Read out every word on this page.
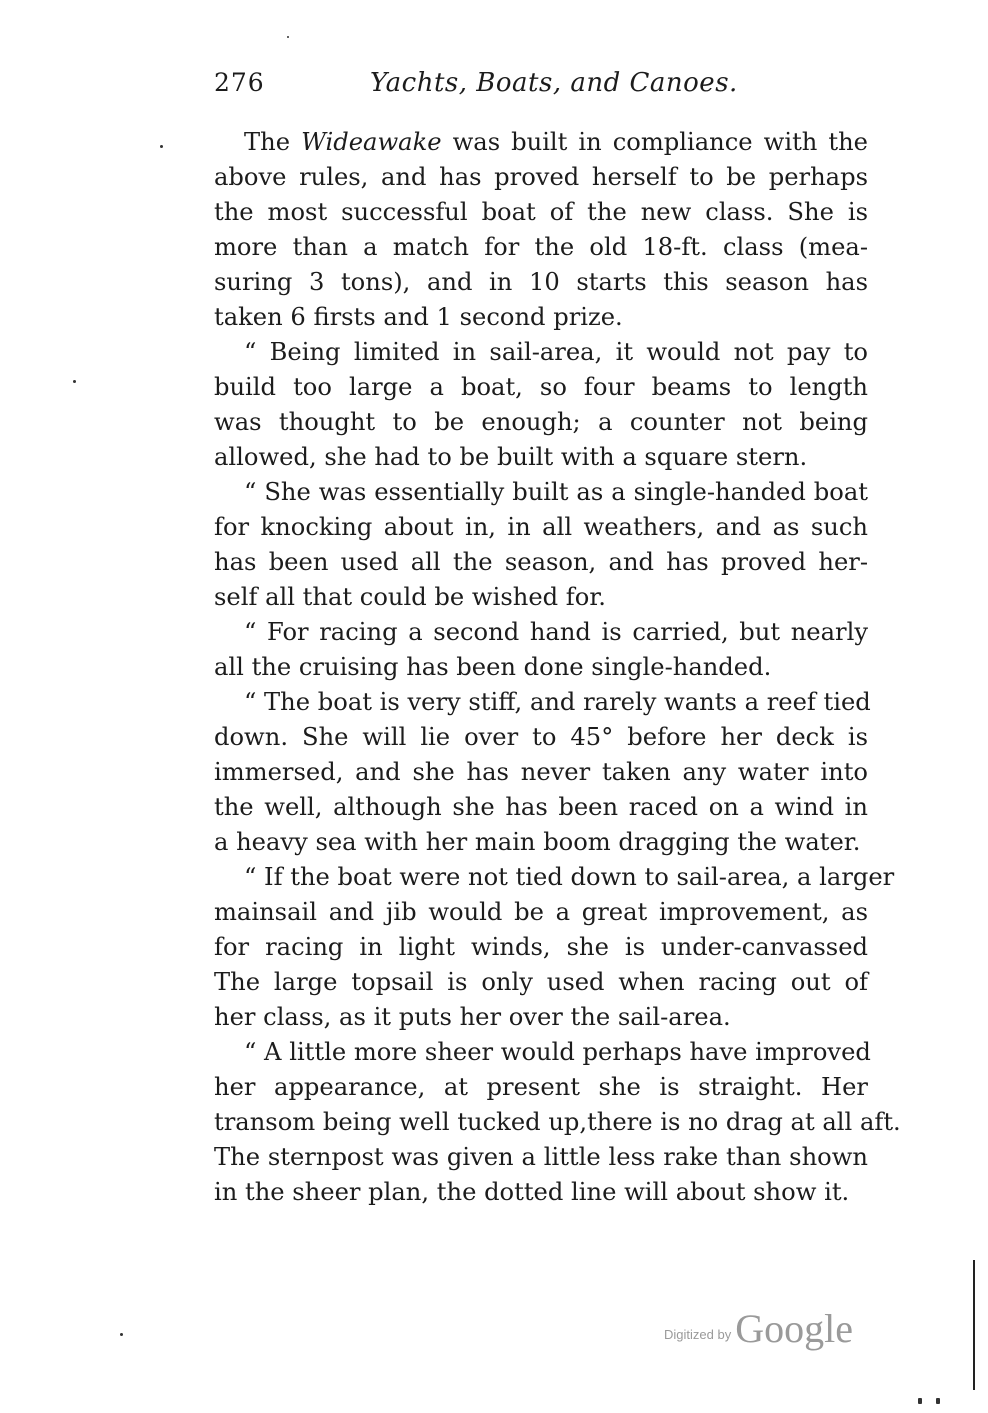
276	Yachts, Boats, and Canoes.
The Wideawake was built in compliance with the
above rules, and has proved herself to be perhaps
the most successful boat of the new class. She is
more than a match for the old 18-ft. class (mea-
suring 3 tons), and in 10 starts this season has
taken 6 firsts and 1 second prize.
“ Being limited in sail-area, it would not pay to
build too large a boat, so four beams to length
was thought to be enough; a counter not being
allowed, she had to be built with a square stern.
“ She was essentially built as a single-handed boat
for knocking about in, in all weathers, and as such
has been used all the season, and has proved her-
self all that could be wished for.
“ For racing a second hand is carried, but nearly
all the cruising has been done single-handed.
“ The boat is very stiff, and rarely wants a reef tied
down. She will lie over to 45° before her deck is
immersed, and she has never taken any water into
the well, although she has been raced on a wind in
a heavy sea with her main boom dragging the water.
“ If the boat were not tied down to sail-area, a larger
mainsail and jib would be a great improvement, as
for racing in light winds, she is under-canvassed
The large topsail is only used when racing out of
her class, as it puts her over the sail-area.
“ A little more sheer would perhaps have improved
her appearance, at present she is straight. Her
transom being well tucked up,there is no drag at all aft.
The sternpost was given a little less rake than shown
in the sheer plan, the dotted line will about show it.
Digitized by Google
